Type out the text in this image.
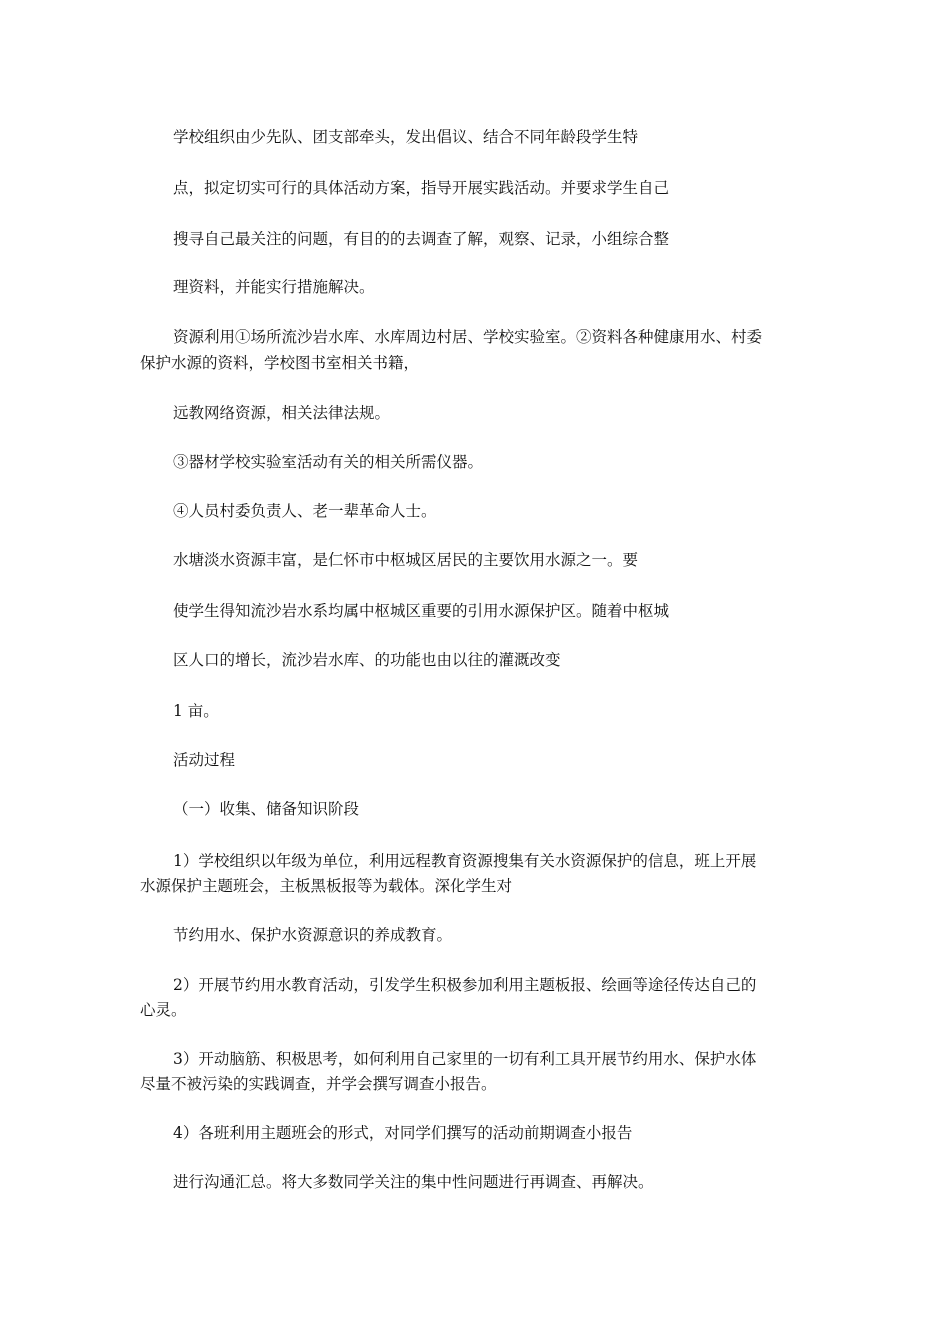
学校组织由少先队、团支部牵头，发出倡议、结合不同年龄段学生特
点，拟定切实可行的具体活动方案，指导开展实践活动。并要求学生自己
搜寻自己最关注的问题，有目的的去调查了解，观察、记录，小组综合整
理资料，并能实行措施解决。
资源利用①场所流沙岩水库、水库周边村居、学校实验室。②资料各种健康用水、村委
保护水源的资料，学校图书室相关书籍，
远教网络资源，相关法律法规。
③器材学校实验室活动有关的相关所需仪器。
④人员村委负责人、老一辈革命人士。
水塘淡水资源丰富，是仁怀市中枢城区居民的主要饮用水源之一。要
使学生得知流沙岩水系均属中枢城区重要的引用水源保护区。随着中枢城
区人口的增长，流沙岩水库、的功能也由以往的灌溉改变
1 亩。
活动过程
（一）收集、储备知识阶段
1）学校组织以年级为单位，利用远程教育资源搜集有关水资源保护的信息，班上开展
水源保护主题班会，主板黑板报等为载体。深化学生对
节约用水、保护水资源意识的养成教育。
2）开展节约用水教育活动，引发学生积极参加利用主题板报、绘画等途径传达自己的
心灵。
3）开动脑筋、积极思考，如何利用自己家里的一切有利工具开展节约用水、保护水体
尽量不被污染的实践调查，并学会撰写调查小报告。
4）各班利用主题班会的形式，对同学们撰写的活动前期调查小报告
进行沟通汇总。将大多数同学关注的集中性问题进行再调查、再解决。
